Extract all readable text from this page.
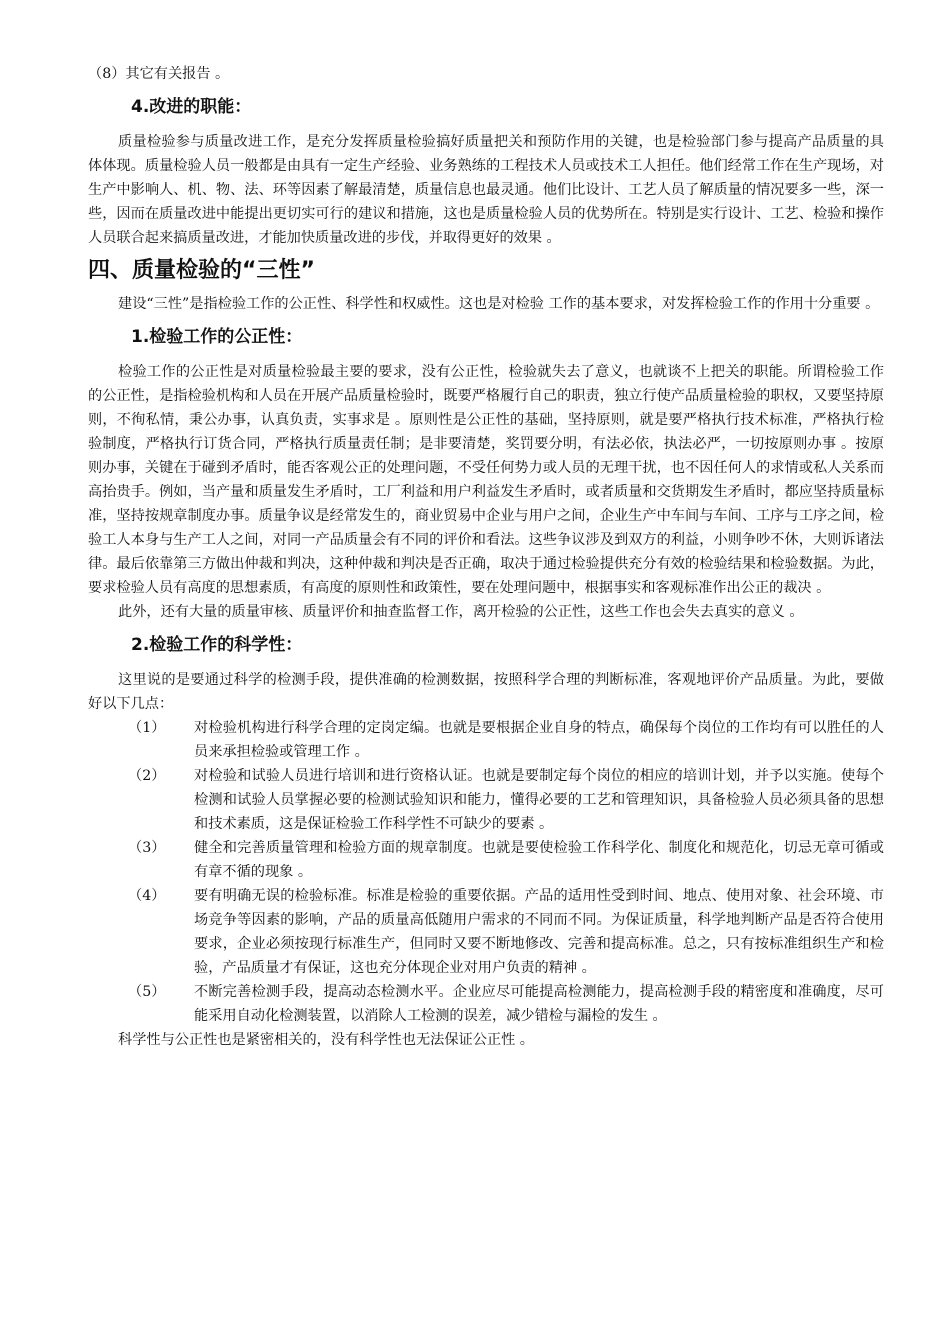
（8）其它有关报告 。

4.改进的职能：

质量检验参与质量改进工作，是充分发挥质量检验搞好质量把关和预防作用的关键，也是检验部门参与提高产品质量的具体体现。质量检验人员一般都是由具有一定生产经验、业务熟练的工程技术人员或技术工人担任。他们经常工作在生产现场，对生产中影响人、机、物、法、环等因素了解最清楚，质量信息也最灵通。他们比设计、工艺人员了解质量的情况要多一些，深一些，因而在质量改进中能提出更切实可行的建议和措施，这也是质量检验人员的优势所在。特别是实行设计、工艺、检验和操作人员联合起来搞质量改进，才能加快质量改进的步伐，并取得更好的效果 。

四、质量检验的“三性”

建设“三性”是指检验工作的公正性、科学性和权威性。这也是对检验 工作的基本要求，对发挥检验工作的作用十分重要 。

1.检验工作的公正性：

检验工作的公正性是对质量检验最主要的要求，没有公正性，检验就失去了意义，也就谈不上把关的职能。所谓检验工作的公正性，是指检验机构和人员在开展产品质量检验时，既要严格履行自己的职责，独立行使产品质量检验的职权，又要坚持原则，不徇私情，秉公办事，认真负责，实事求是 。原则性是公正性的基础，坚持原则，就是要严格执行技术标准，严格执行检验制度，严格执行订货合同，严格执行质量责任制；是非要清楚，奖罚要分明，有法必依，执法必严，一切按原则办事 。按原则办事，关键在于碰到矛盾时，能否客观公正的处理问题，不受任何势力或人员的无理干扰，也不因任何人的求情或私人关系而高抬贵手。例如，当产量和质量发生矛盾时，工厂利益和用户利益发生矛盾时，或者质量和交货期发生矛盾时，都应坚持质量标准，坚持按规章制度办事。质量争议是经常发生的，商业贸易中企业与用户之间，企业生产中车间与车间、工序与工序之间，检验工人本身与生产工人之间，对同一产品质量会有不同的评价和看法。这些争议涉及到双方的利益，小则争吵不休，大则诉诸法律。最后依靠第三方做出仲裁和判决，这种仲裁和判决是否正确，取决于通过检验提供充分有效的检验结果和检验数据。为此，要求检验人员有高度的思想素质，有高度的原则性和政策性，要在处理问题中，根据事实和客观标准作出公正的裁决 。

此外，还有大量的质量审核、质量评价和抽查监督工作，离开检验的公正性，这些工作也会失去真实的意义 。

2.检验工作的科学性：

这里说的是要通过科学的检测手段，提供准确的检测数据，按照科学合理的判断标准，客观地评价产品质量。为此，要做好以下几点：

（1）	对检验机构进行科学合理的定岗定编。也就是要根据企业自身的特点，确保每个岗位的工作均有可以胜任的人员来承担检验或管理工作 。
（2）	对检验和试验人员进行培训和进行资格认证。也就是要制定每个岗位的相应的培训计划，并予以实施。使每个检测和试验人员掌握必要的检测试验知识和能力，懂得必要的工艺和管理知识，具备检验人员必须具备的思想和技术素质，这是保证检验工作科学性不可缺少的要素 。
（3）	健全和完善质量管理和检验方面的规章制度。也就是要使检验工作科学化、制度化和规范化，切忌无章可循或有章不循的现象 。
（4）	要有明确无误的检验标准。标准是检验的重要依据。产品的适用性受到时间、地点、使用对象、社会环境、市场竞争等因素的影响，产品的质量高低随用户需求的不同而不同。为保证质量，科学地判断产品是否符合使用要求，企业必须按现行标准生产，但同时又要不断地修改、完善和提高标准。总之，只有按标准组织生产和检验，产品质量才有保证，这也充分体现企业对用户负责的精神 。
（5）	不断完善检测手段，提高动态检测水平。企业应尽可能提高检测能力，提高检测手段的精密度和准确度，尽可能采用自动化检测装置，以消除人工检测的误差，减少错检与漏检的发生 。

科学性与公正性也是紧密相关的，没有科学性也无法保证公正性 。
